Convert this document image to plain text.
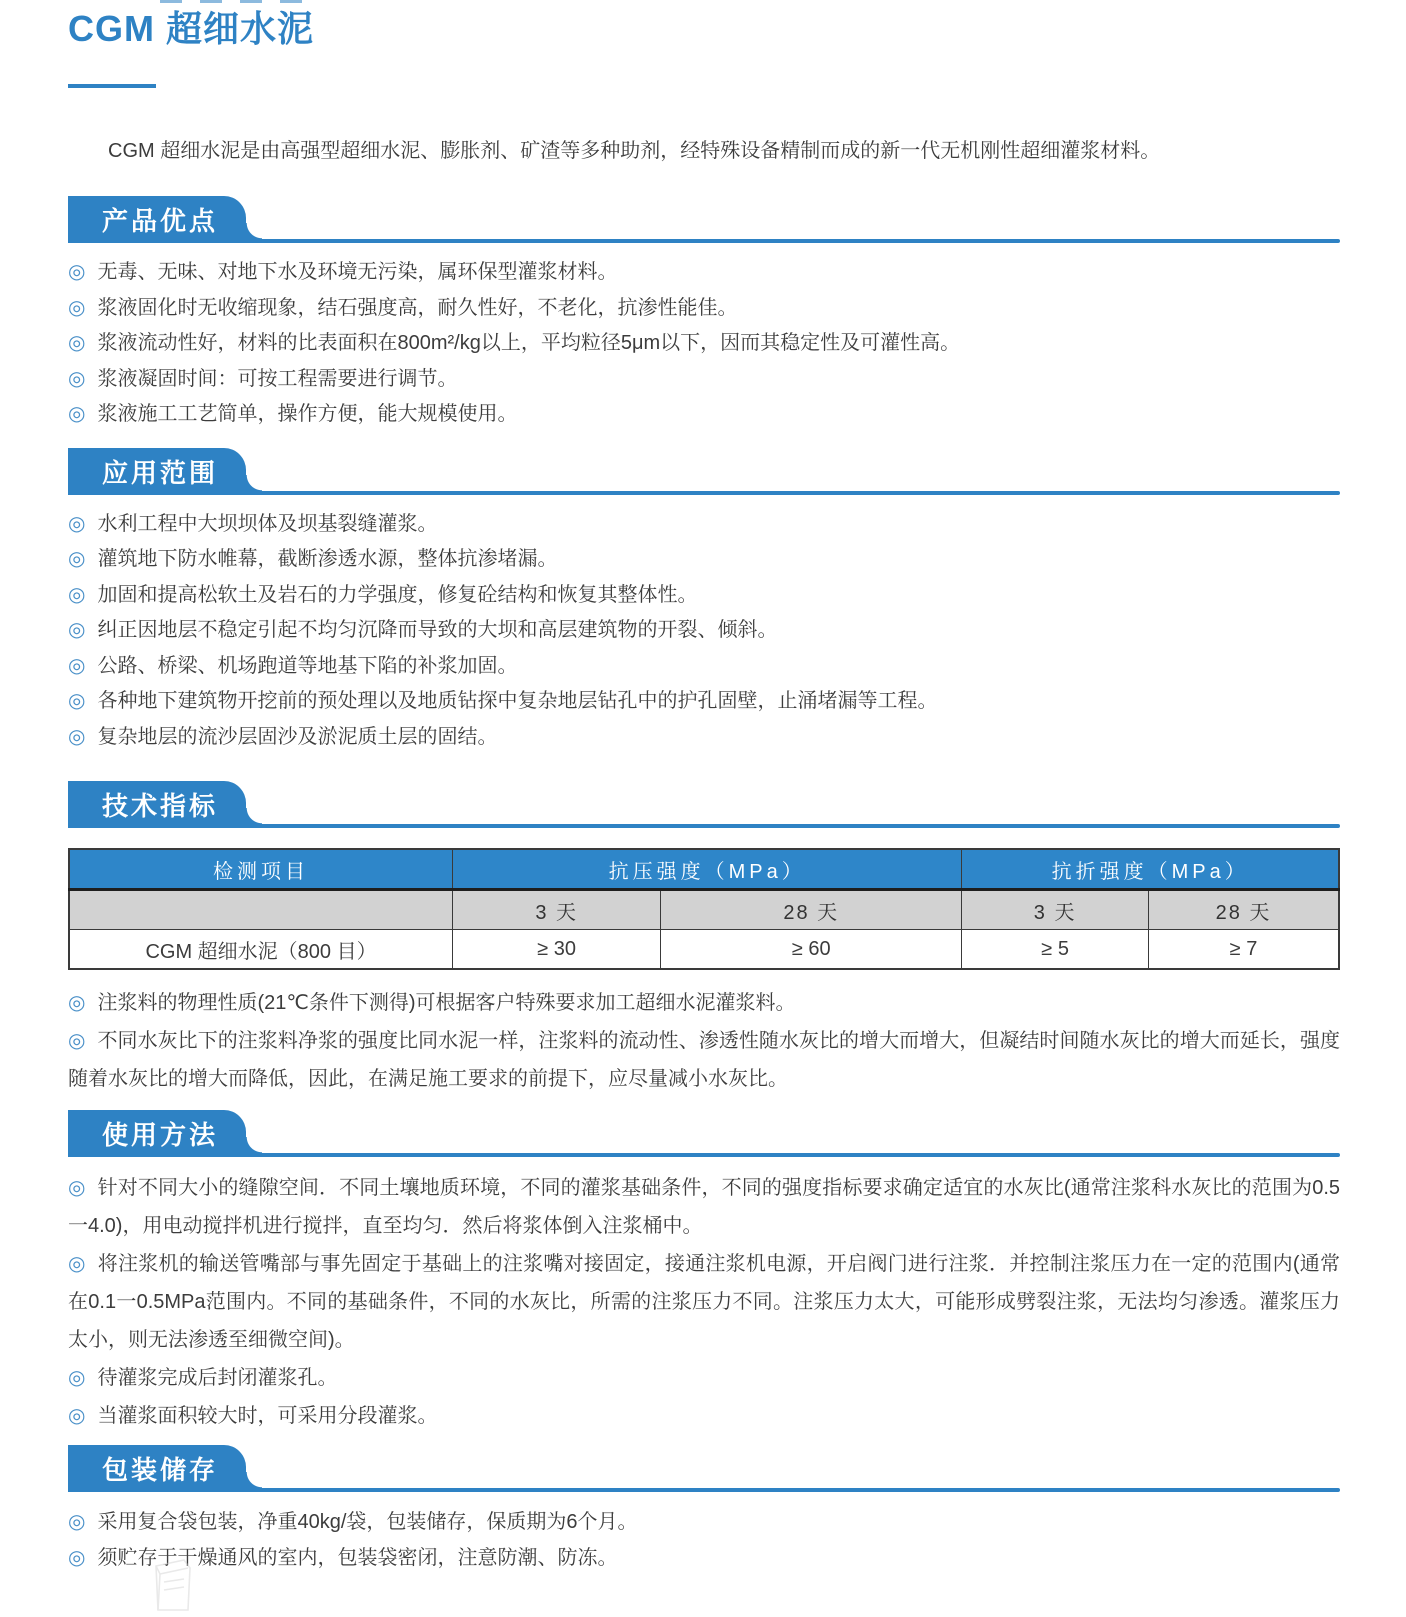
CGM 超细水泥

CGM 超细水泥是由高强型超细水泥、膨胀剂、矿渣等多种助剂，经特殊设备精制而成的新一代无机刚性超细灌浆材料。

产品优点
◎ 无毒、无味、对地下水及环境无污染，属环保型灌浆材料。
◎ 浆液固化时无收缩现象，结石强度高，耐久性好，不老化，抗渗性能佳。
◎ 浆液流动性好，材料的比表面积在800m²/kg以上，平均粒径5μm以下，因而其稳定性及可灌性高。
◎ 浆液凝固时间：可按工程需要进行调节。
◎ 浆液施工工艺简单，操作方便，能大规模使用。
应用范围
◎ 水利工程中大坝坝体及坝基裂缝灌浆。
◎ 灌筑地下防水帷幕，截断渗透水源，整体抗渗堵漏。
◎ 加固和提高松软土及岩石的力学强度，修复砼结构和恢复其整体性。
◎ 纠正因地层不稳定引起不均匀沉降而导致的大坝和高层建筑物的开裂、倾斜。
◎ 公路、桥梁、机场跑道等地基下陷的补浆加固。
◎ 各种地下建筑物开挖前的预处理以及地质钻探中复杂地层钻孔中的护孔固壁，止涌堵漏等工程。
◎ 复杂地层的流沙层固沙及淤泥质土层的固结。
技术指标
检测项目	抗压强度（MPa）		抗折强度（MPa）	
	3 天	28 天	3 天	28 天
CGM 超细水泥（800 目）	≥ 30	≥ 60	≥ 5	≥ 7
◎ 注浆料的物理性质(21℃条件下测得)可根据客户特殊要求加工超细水泥灌浆料。
◎ 不同水灰比下的注浆料净浆的强度比同水泥一样，注浆料的流动性、渗透性随水灰比的增大而增大，但凝结时间随水灰比的增大而延长，强度随着水灰比的增大而降低，因此，在满足施工要求的前提下，应尽量减小水灰比。
使用方法
◎ 针对不同大小的缝隙空间．不同土壤地质环境，不同的灌浆基础条件，不同的强度指标要求确定适宜的水灰比(通常注浆科水灰比的范围为0.5一4.0)，用电动搅拌机进行搅拌，直至均匀．然后将浆体倒入注浆桶中。
◎ 将注浆机的输送管嘴部与事先固定于基础上的注浆嘴对接固定，接通注浆机电源，开启阀门进行注浆．并控制注浆压力在一定的范围内(通常在0.1一0.5MPa范围内。不同的基础条件，不同的水灰比，所需的注浆压力不同。注浆压力太大，可能形成劈裂注浆，无法均匀渗透。灌浆压力太小，则无法渗透至细微空间)。
◎ 待灌浆完成后封闭灌浆孔。
◎ 当灌浆面积较大时，可采用分段灌浆。
包装储存
◎ 采用复合袋包装，净重40kg/袋，包装储存，保质期为6个月。
◎ 须贮存于干燥通风的室内，包装袋密闭，注意防潮、防冻。
